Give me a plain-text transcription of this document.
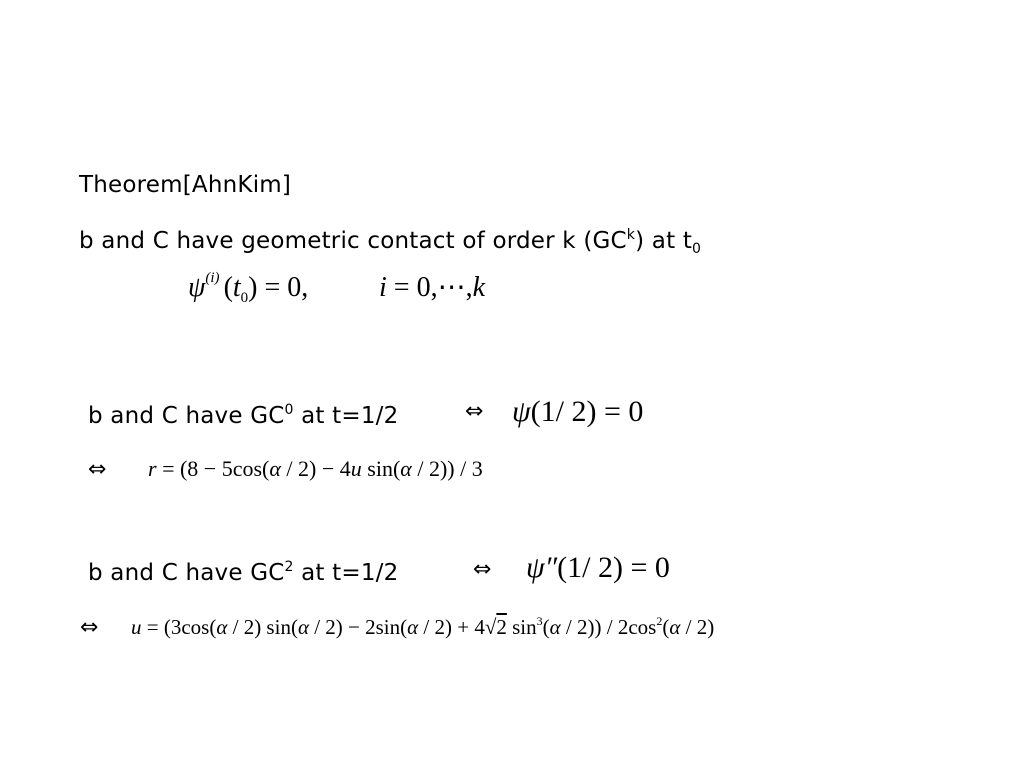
Theorem[AhnKim]
b and C have geometric contact of order k $(GC^k)$ at $t_0$
$\psi^{(i)}$ $(t_0) = 0$,	i = 0,⋯,k
b and C have $GC^0$ at t=1/2	⇔ ψ(1/ 2) = 0
⇔ r = (8 − 5cos(α / 2) − 4u sin(α / 2)) / 3
b and C have $GC^2$ at t=1/2	⇔ ψ″(1/ 2) = 0
⇔ u = (3cos(α / 2) sin(α / 2) − 2sin(α / 2) + 4√2 $\sin^3(\alpha / 2)) / 2\cos^2(\alpha / 2)$
